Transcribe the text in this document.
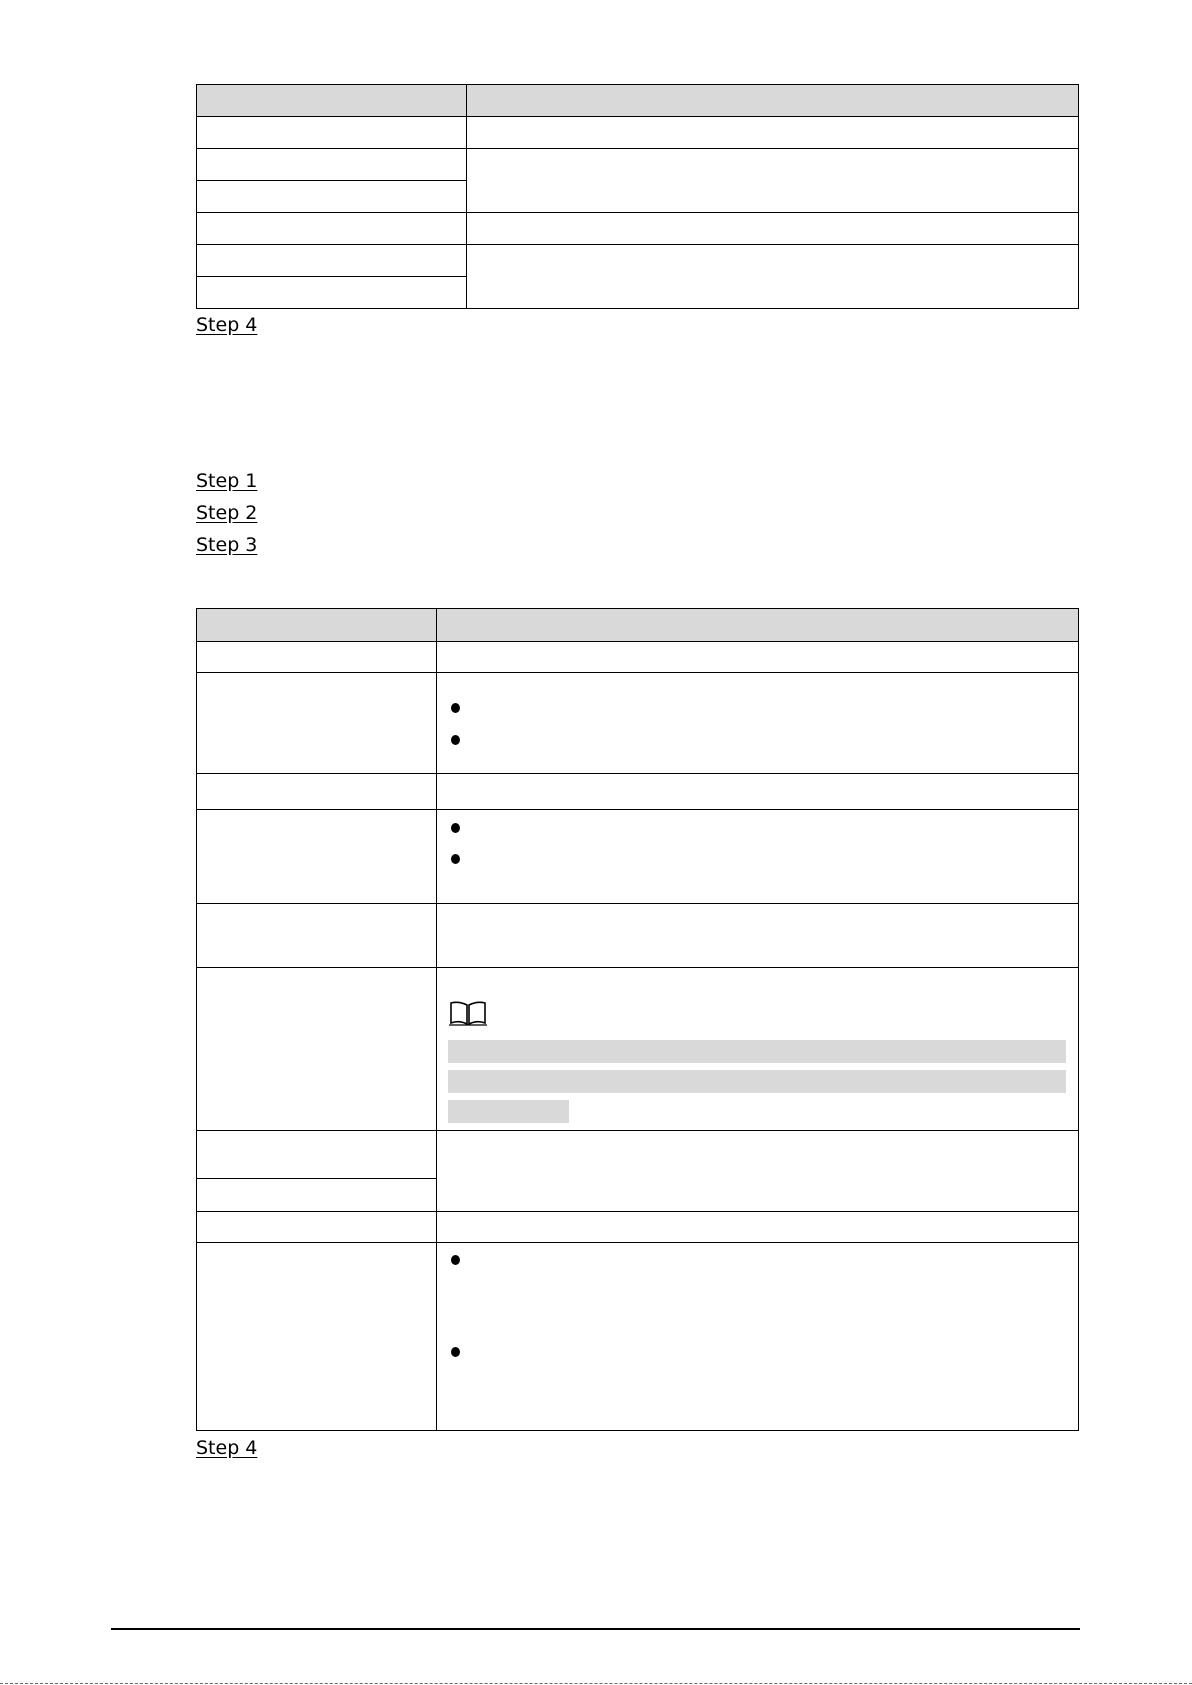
Step 4
Step 1
Step 2
Step 3

Step 4
